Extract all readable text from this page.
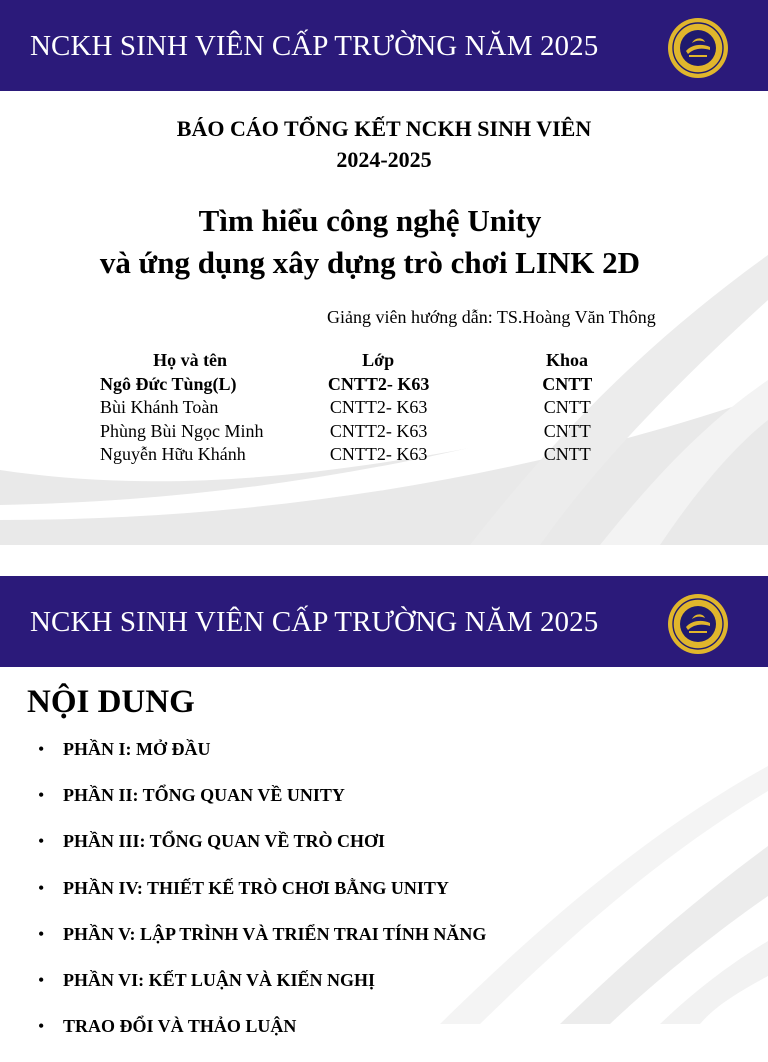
NCKH SINH VIÊN CẤP TRƯỜNG NĂM 2025
BÁO CÁO TỔNG KẾT NCKH SINH VIÊN
2024-2025
Tìm hiểu công nghệ Unity
và ứng dụng xây dựng trò chơi LINK 2D
Giảng viên hướng dẫn: TS.Hoàng Văn Thông
Họ và tên	Lớp	Khoa
Ngô Đức Tùng(L)	CNTT2- K63	CNTT
Bùi Khánh Toàn	CNTT2- K63	CNTT
Phùng Bùi Ngọc Minh	CNTT2- K63	CNTT
Nguyễn Hữu Khánh	CNTT2- K63	CNTT
NCKH SINH VIÊN CẤP TRƯỜNG NĂM 2025
NỘI DUNG
• PHẦN I: MỞ ĐẦU
• PHẦN II: TỔNG QUAN VỀ UNITY
• PHẦN III: TỔNG QUAN VỀ TRÒ CHƠI
• PHẦN IV: THIẾT KẾ TRÒ CHƠI BẰNG UNITY
• PHẦN V: LẬP TRÌNH VÀ TRIỂN TRAI TÍNH NĂNG
• PHẦN VI: KẾT LUẬN VÀ KIẾN NGHỊ
• TRAO ĐỔI VÀ THẢO LUẬN
